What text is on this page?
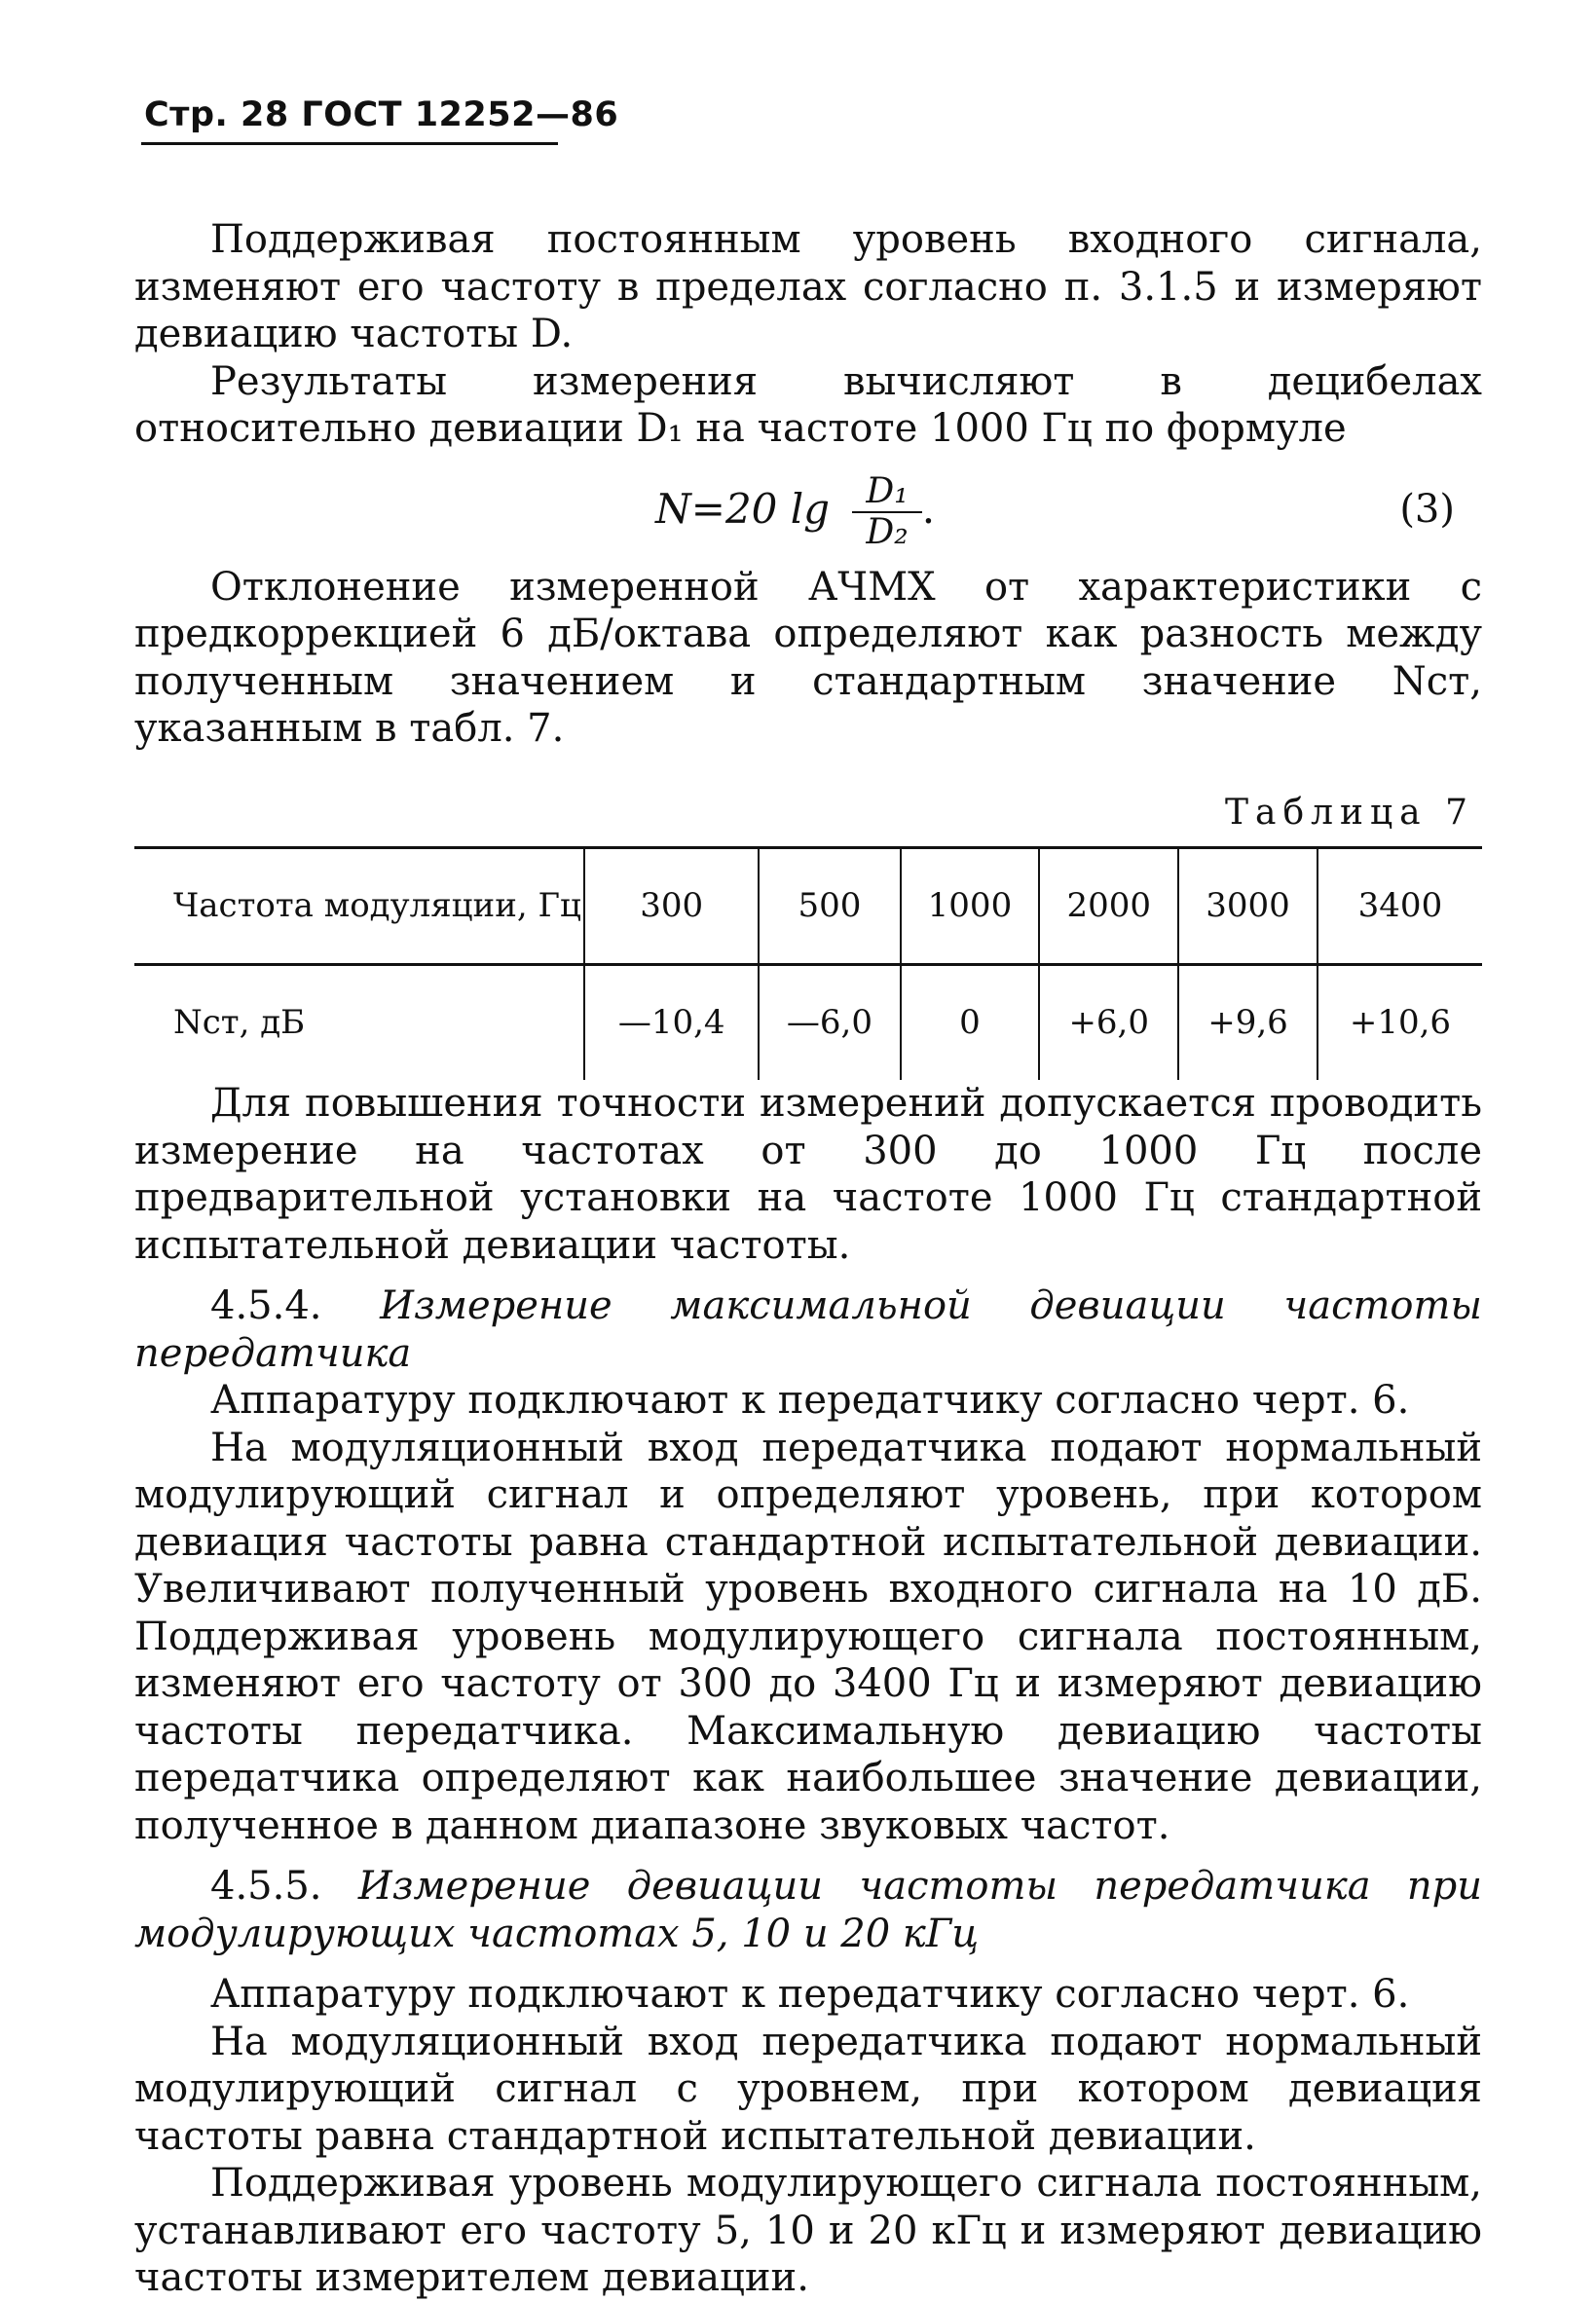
Стр. 28 ГОСТ 12252—86

Поддерживая постоянным уровень входного сигнала, изменяют его частоту в пределах согласно п. 3.1.5 и измеряют девиацию частоты D.

Результаты измерения вычисляют в децибелах относительно девиации D₁ на частоте 1000 Гц по формуле

N=20 $\lg \frac{\text{D₁}}{\text{D₂}}$ .	(3)

Отклонение измеренной АЧМХ от характеристики с предкоррекцией 6 дБ/октава определяют как разность между полученным значением и стандартным значение Nст, указанным в табл. 7.

Таблица 7
Частота модуляции, Гц	300	500	1000	2000	3000	3400
Nст, дБ	—10,4	—6,0	0	+6,0	+9,6	+10,6

Для повышения точности измерений допускается проводить измерение на частотах от 300 до 1000 Гц после предварительной установки на частоте 1000 Гц стандартной испытательной девиации частоты.

4.5.4. Измерение максимальной девиации частоты передатчика

Аппаратуру подключают к передатчику согласно черт. 6.

На модуляционный вход передатчика подают нормальный модулирующий сигнал и определяют уровень, при котором девиация частоты равна стандартной испытательной девиации. Увеличивают полученный уровень входного сигнала на 10 дБ. Поддерживая уровень модулирующего сигнала постоянным, изменяют его частоту от 300 до 3400 Гц и измеряют девиацию частоты передатчика. Максимальную девиацию частоты передатчика определяют как наибольшее значение девиации, полученное в данном диапазоне звуковых частот.

4.5.5. Измерение девиации частоты передатчика при модулирующих частотах 5, 10 и 20 кГц

Аппаратуру подключают к передатчику согласно черт. 6.

На модуляционный вход передатчика подают нормальный модулирующий сигнал с уровнем, при котором девиация частоты равна стандартной испытательной девиации.

Поддерживая уровень модулирующего сигнала постоянным, устанавливают его частоту 5, 10 и 20 кГц и измеряют девиацию частоты измерителем девиации.
